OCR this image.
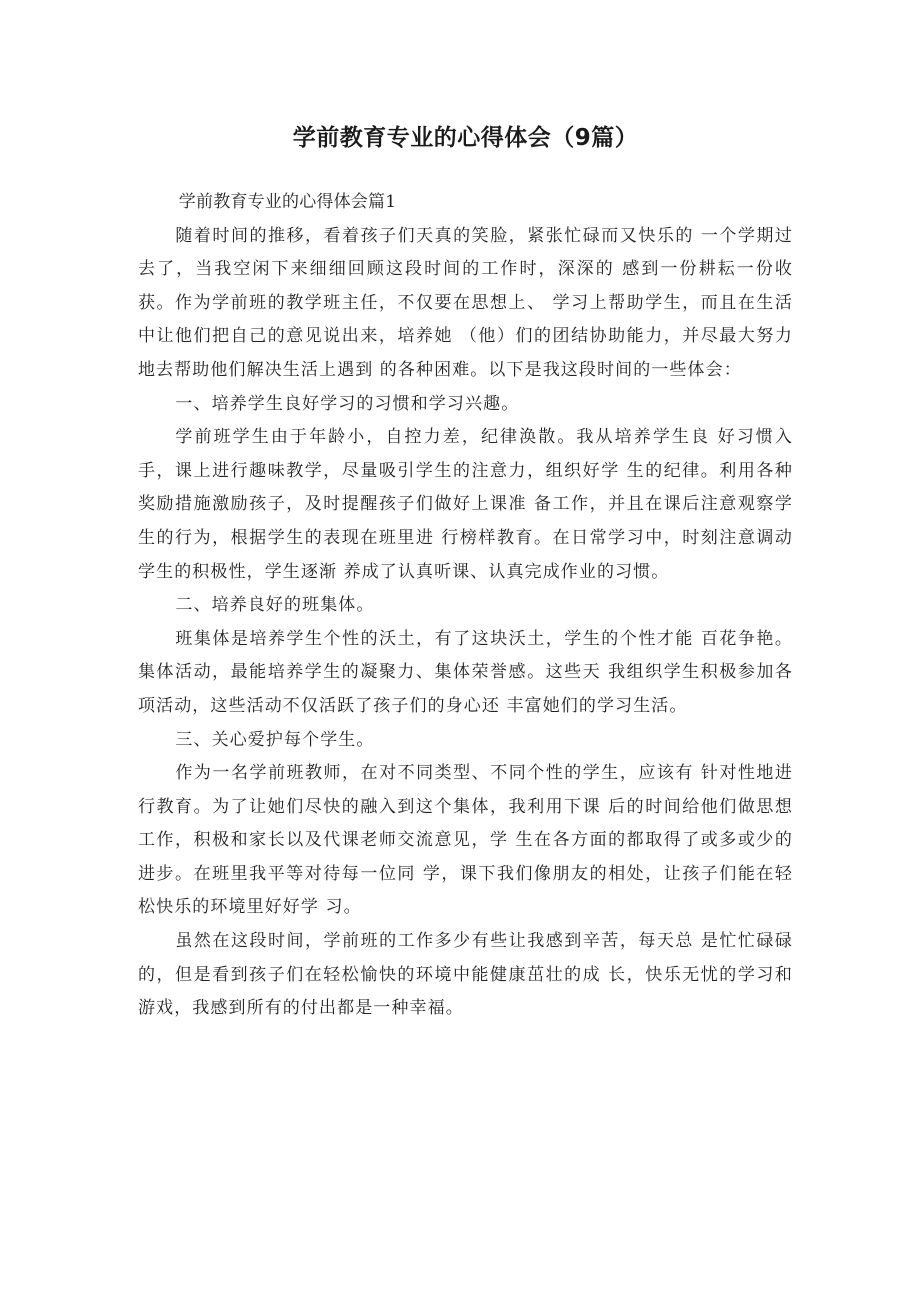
学前教育专业的心得体会（9篇）

学前教育专业的心得体会篇1

随着时间的推移，看着孩子们天真的笑脸，紧张忙碌而又快乐的 一个学期过去了，当我空闲下来细细回顾这段时间的工作时，深深的 感到一份耕耘一份收获。作为学前班的教学班主任，不仅要在思想上、 学习上帮助学生，而且在生活中让他们把自己的意见说出来，培养她 （他）们的团结协助能力，并尽最大努力地去帮助他们解决生活上遇到 的各种困难。以下是我这段时间的一些体会：

一、培养学生良好学习的习惯和学习兴趣。

学前班学生由于年龄小，自控力差，纪律涣散。我从培养学生良 好习惯入手，课上进行趣味教学，尽量吸引学生的注意力，组织好学 生的纪律。利用各种奖励措施激励孩子，及时提醒孩子们做好上课准 备工作，并且在课后注意观察学生的行为，根据学生的表现在班里进 行榜样教育。在日常学习中，时刻注意调动学生的积极性，学生逐渐 养成了认真听课、认真完成作业的习惯。

二、培养良好的班集体。

班集体是培养学生个性的沃土，有了这块沃土，学生的个性才能 百花争艳。集体活动，最能培养学生的凝聚力、集体荣誉感。这些天 我组织学生积极参加各项活动，这些活动不仅活跃了孩子们的身心还 丰富她们的学习生活。

三、关心爱护每个学生。

作为一名学前班教师，在对不同类型、不同个性的学生，应该有 针对性地进行教育。为了让她们尽快的融入到这个集体，我利用下课 后的时间给他们做思想工作，积极和家长以及代课老师交流意见，学 生在各方面的都取得了或多或少的进步。在班里我平等对待每一位同 学，课下我们像朋友的相处，让孩子们能在轻松快乐的环境里好好学 习。

虽然在这段时间，学前班的工作多少有些让我感到辛苦，每天总 是忙忙碌碌的，但是看到孩子们在轻松愉快的环境中能健康茁壮的成 长，快乐无忧的学习和游戏，我感到所有的付出都是一种幸福。
